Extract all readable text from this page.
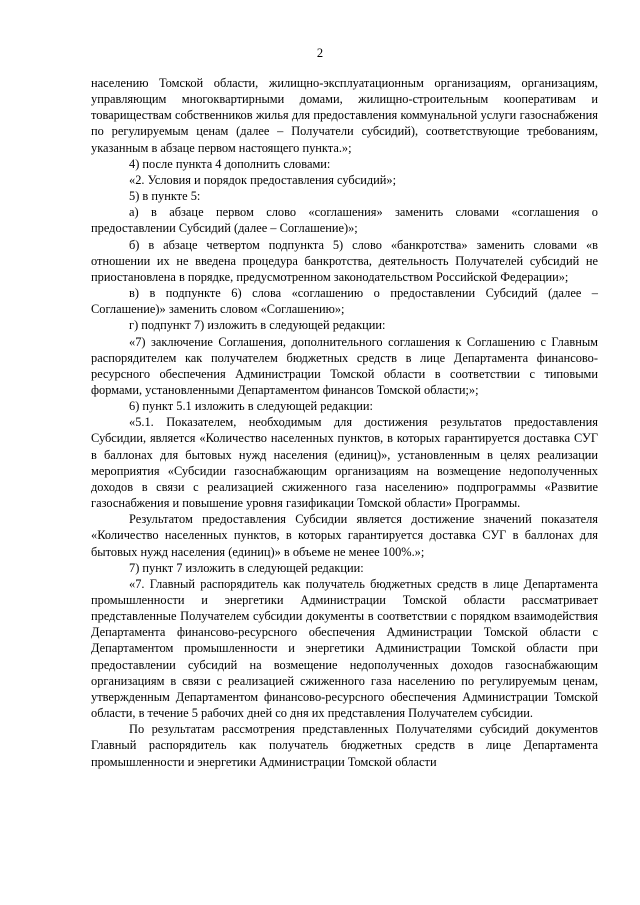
2

населению Томской области, жилищно-эксплуатационным организациям, организациям, управляющим многоквартирными домами, жилищно-строительным кооперативам и товариществам собственников жилья для предоставления коммунальной услуги газоснабжения по регулируемым ценам (далее – Получатели субсидий), соответствующие требованиям, указанным в абзаце первом настоящего пункта.»;

4) после пункта 4 дополнить словами:

«2. Условия и порядок предоставления субсидий»;

5) в пункте 5:

а) в абзаце первом слово «соглашения» заменить словами «соглашения о предоставлении Субсидий (далее – Соглашение)»;

б) в абзаце четвертом подпункта 5) слово «банкротства» заменить словами «в отношении их не введена процедура банкротства, деятельность Получателей субсидий не приостановлена в порядке, предусмотренном законодательством Российской Федерации»;

в) в подпункте 6) слова «соглашению о предоставлении Субсидий (далее – Соглашение)» заменить словом «Соглашению»;

г) подпункт 7) изложить в следующей редакции:

«7) заключение Соглашения, дополнительного соглашения к Соглашению с Главным распорядителем как получателем бюджетных средств в лице Департамента финансово-ресурсного обеспечения Администрации Томской области в соответствии с типовыми формами, установленными Департаментом финансов Томской области;»;

6) пункт 5.1 изложить в следующей редакции:

«5.1. Показателем, необходимым для достижения результатов предоставления Субсидии, является «Количество населенных пунктов, в которых гарантируется доставка СУГ в баллонах для бытовых нужд населения (единиц)», установленным в целях реализации мероприятия «Субсидии газоснабжающим организациям на возмещение недополученных доходов в связи с реализацией сжиженного газа населению» подпрограммы «Развитие газоснабжения и повышение уровня газификации Томской области» Программы.

Результатом предоставления Субсидии является достижение значений показателя «Количество населенных пунктов, в которых гарантируется доставка СУГ в баллонах для бытовых нужд населения (единиц)» в объеме не менее 100%.»;

7) пункт 7 изложить в следующей редакции:

«7. Главный распорядитель как получатель бюджетных средств в лице Департамента промышленности и энергетики Администрации Томской области рассматривает представленные Получателем субсидии документы в соответствии с порядком взаимодействия Департамента финансово-ресурсного обеспечения Администрации Томской области с Департаментом промышленности и энергетики Администрации Томской области при предоставлении субсидий на возмещение недополученных доходов газоснабжающим организациям в связи с реализацией сжиженного газа населению по регулируемым ценам, утвержденным Департаментом финансово-ресурсного обеспечения Администрации Томской области, в течение 5 рабочих дней со дня их представления Получателем субсидии.

По результатам рассмотрения представленных Получателями субсидий документов Главный распорядитель как получатель бюджетных средств в лице Департамента промышленности и энергетики Администрации Томской области
